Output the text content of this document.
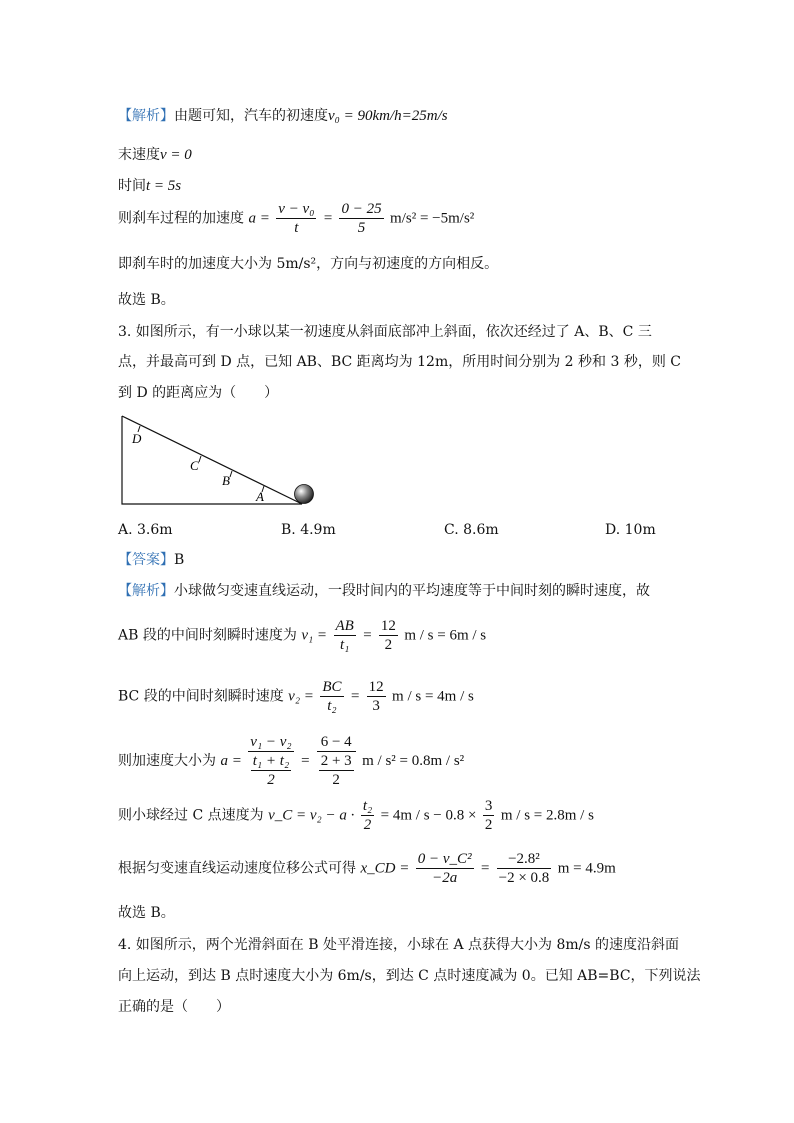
【解析】由题可知，汽车的初速度v₀ = 90km/h=25m/s
末速度v = 0
时间t = 5s
则刹车过程的加速度 $a = \frac{\text{v − v₀}}{t} = \frac{0 - 25}{5} m/s^2 = -5m/s^2$
即刹车时的加速度大小为 5m/s²，方向与初速度的方向相反。
故选 B。
3. 如图所示，有一小球以某一初速度从斜面底部冲上斜面，依次还经过了 A、B、C 三
点，并最高可到 D 点，已知 AB、BC 距离均为 12m，所用时间分别为 2 秒和 3 秒，则 C
到 D 的距离应为（　　）
D
C
B
A
A. 3.6m	B. 4.9m	C. 8.6m	D. 10m
【答案】B
【解析】小球做匀变速直线运动，一段时间内的平均速度等于中间时刻的瞬时速度，故
AB 段的中间时刻瞬时速度为 $v_1 = \frac{AB}{\text{t₁}} = \frac{12}{2}$ m / s = 6m / s
BC 段的中间时刻瞬时速度 $v_2 = \frac{BC}{\text{t₂}} = \frac{12}{3}$ m / s = 4m / s
则加速度大小为 $a = \frac{\text{v₁ − v₂}}{\frac{\text{t₁ + t₂}}{2}} = \frac{6 - 4}{\frac{2 + 3}{2}}$ m / s² = 0.8m / s²
则小球经过 C 点速度为 v_C = $v_2 - a \cdot \frac{\text{t₂}}{2} = 4m / s - 0.8 \times \frac{3}{2}$ m / s = 2.8m / s
根据匀变速直线运动速度位移公式可得 x_CD = $\frac{\text{0 − v\_C²}}{-2a} = \frac{\text{−2.8²}}{-2 \times 0.8}$ m = 4.9m
故选 B。
4. 如图所示，两个光滑斜面在 B 处平滑连接，小球在 A 点获得大小为 8m/s 的速度沿斜面
向上运动，到达 B 点时速度大小为 6m/s，到达 C 点时速度减为 0。已知 AB=BC，下列说法
正确的是（　　）
